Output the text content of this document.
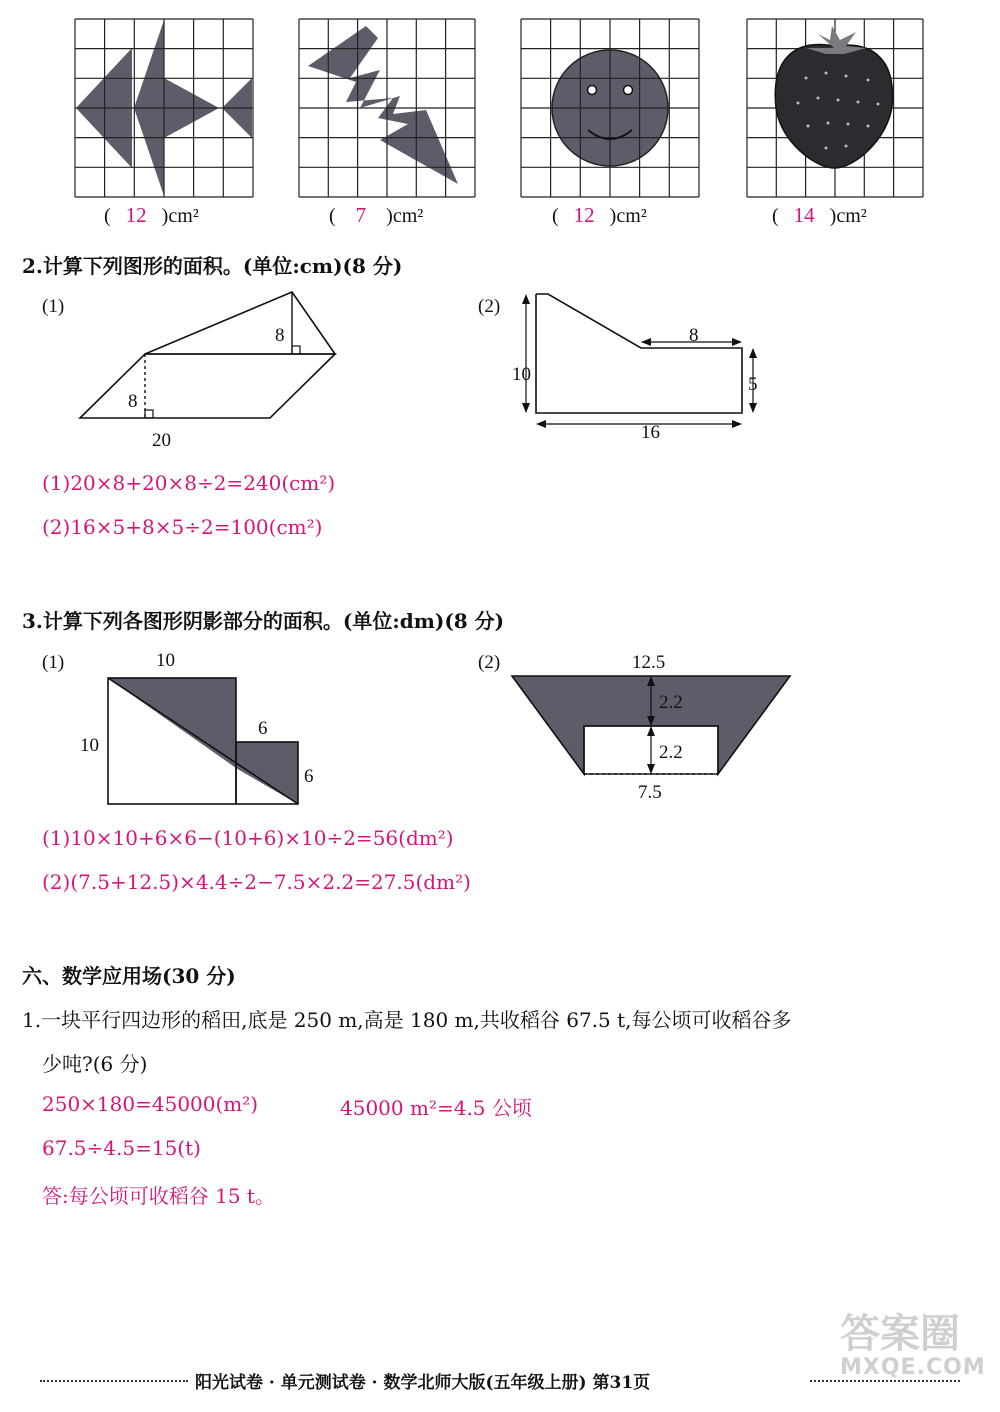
( 12 )cm²	( 7 )cm²	( 12 )cm²	( 14 )cm²
2.计算下列图形的面积。(单位:cm)(8 分)
(1)
8
8
20
(2)
10
8
5
16
(1)20×8+20×8÷2=240(cm²)
(2)16×5+8×5÷2=100(cm²)
3.计算下列各图形阴影部分的面积。(单位:dm)(8 分)
(1)	10
10
6
6
(2)	12.5
2.2
2.2
7.5
(1)10×10+6×6−(10+6)×10÷2=56(dm²)
(2)(7.5+12.5)×4.4÷2−7.5×2.2=27.5(dm²)
六、数学应用场(30 分)
1.一块平行四边形的稻田,底是 250 m,高是 180 m,共收稻谷 67.5 t,每公顷可收稻谷多
少吨?(6 分)
250×180=45000(m²)	45000 m²=4.5 公顷
67.5÷4.5=15(t)
答:每公顷可收稻谷 15 t。
阳光试卷 · 单元测试卷 · 数学北师大版(五年级上册) 第31页
答案圈
MXQE.COM
